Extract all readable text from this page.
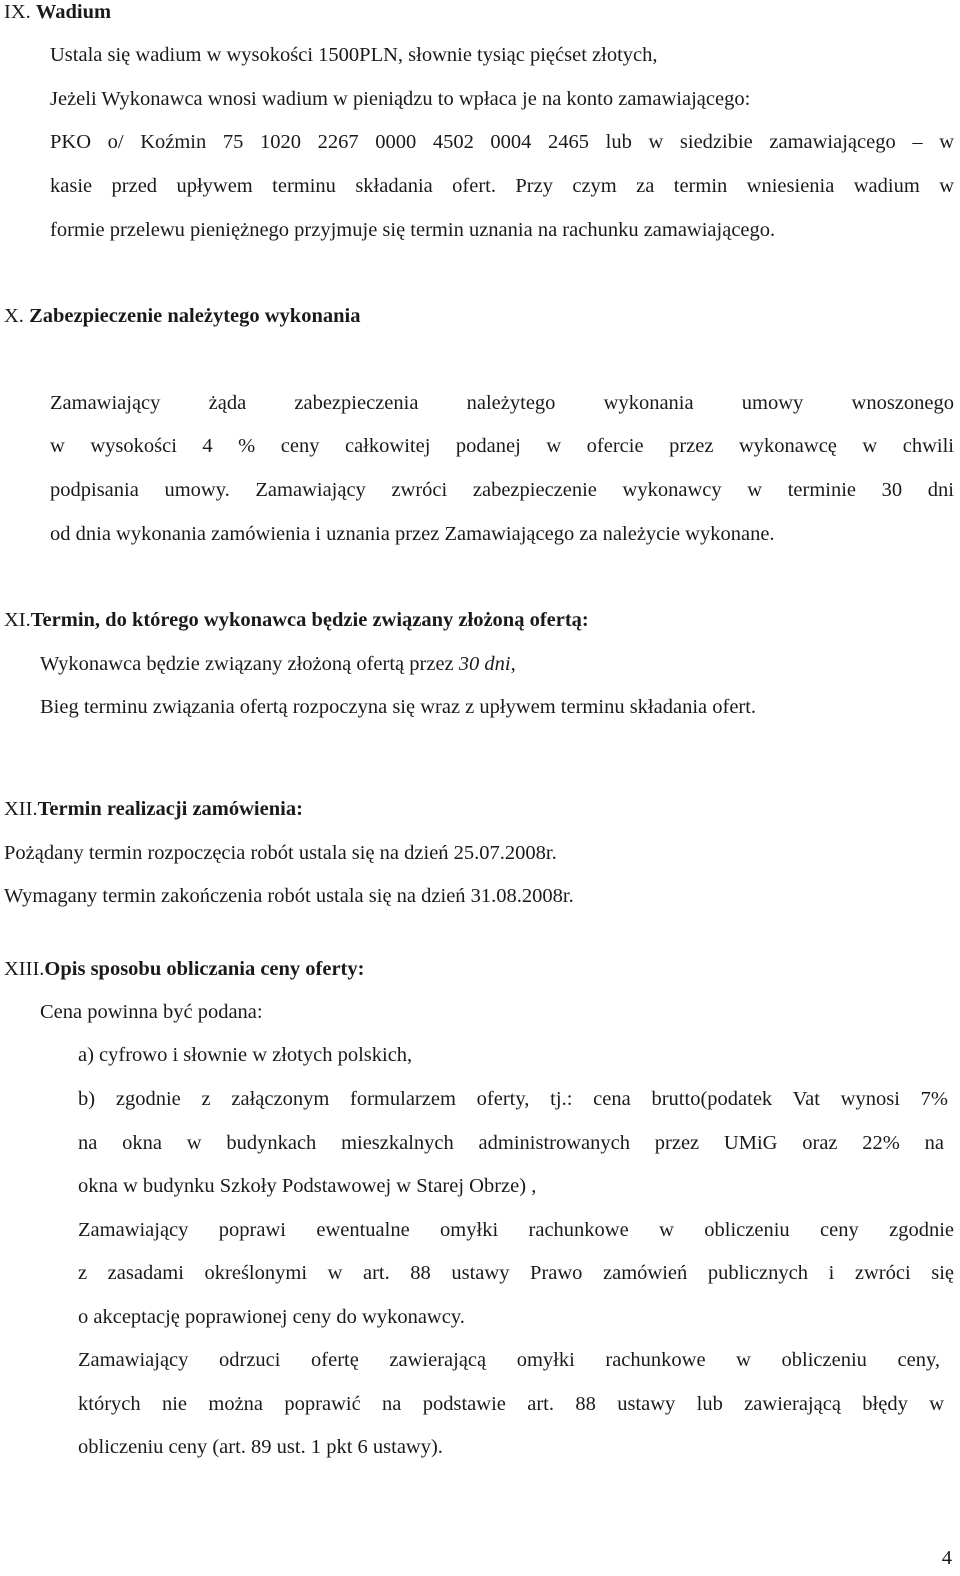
IX. Wadium
Ustala się wadium w wysokości 1500PLN, słownie tysiąc pięćset złotych,
Jeżeli Wykonawca wnosi wadium w pieniądzu to wpłaca je na konto zamawiającego:
PKO o/ Koźmin 75 1020 2267 0000 4502 0004 2465 lub w siedzibie zamawiającego – w
kasie przed upływem terminu składania ofert. Przy czym za termin wniesienia wadium w
formie przelewu pieniężnego przyjmuje się termin uznania na rachunku zamawiającego.
X. Zabezpieczenie należytego wykonania
Zamawiający żąda zabezpieczenia należytego wykonania umowy wnoszonego
w wysokości 4 % ceny całkowitej podanej w ofercie przez wykonawcę w chwili
podpisania umowy. Zamawiający zwróci zabezpieczenie wykonawcy w terminie 30 dni
od dnia wykonania zamówienia i uznania przez Zamawiającego za należycie wykonane.
XI.Termin, do którego wykonawca będzie związany złożoną ofertą:
Wykonawca będzie związany złożoną ofertą przez 30 dni,
Bieg terminu związania ofertą rozpoczyna się wraz z upływem terminu składania ofert.
XII.Termin realizacji zamówienia:
Pożądany termin rozpoczęcia robót ustala się na dzień 25.07.2008r.
Wymagany termin zakończenia robót ustala się na dzień 31.08.2008r.
XIII.Opis sposobu obliczania ceny oferty:
Cena powinna być podana:
a) cyfrowo i słownie w złotych polskich,
b) zgodnie z załączonym formularzem oferty, tj.: cena brutto(podatek Vat wynosi 7%
na okna w budynkach mieszkalnych administrowanych przez UMiG oraz 22% na
okna w budynku Szkoły Podstawowej w Starej Obrze) ,
Zamawiający poprawi ewentualne omyłki rachunkowe w obliczeniu ceny zgodnie
z zasadami określonymi w art. 88 ustawy Prawo zamówień publicznych i zwróci się
o akceptację poprawionej ceny do wykonawcy.
Zamawiający odrzuci ofertę zawierającą omyłki rachunkowe w obliczeniu ceny,
których nie można poprawić na podstawie art. 88 ustawy lub zawierającą błędy w
obliczeniu ceny (art. 89 ust. 1 pkt 6 ustawy).
4
